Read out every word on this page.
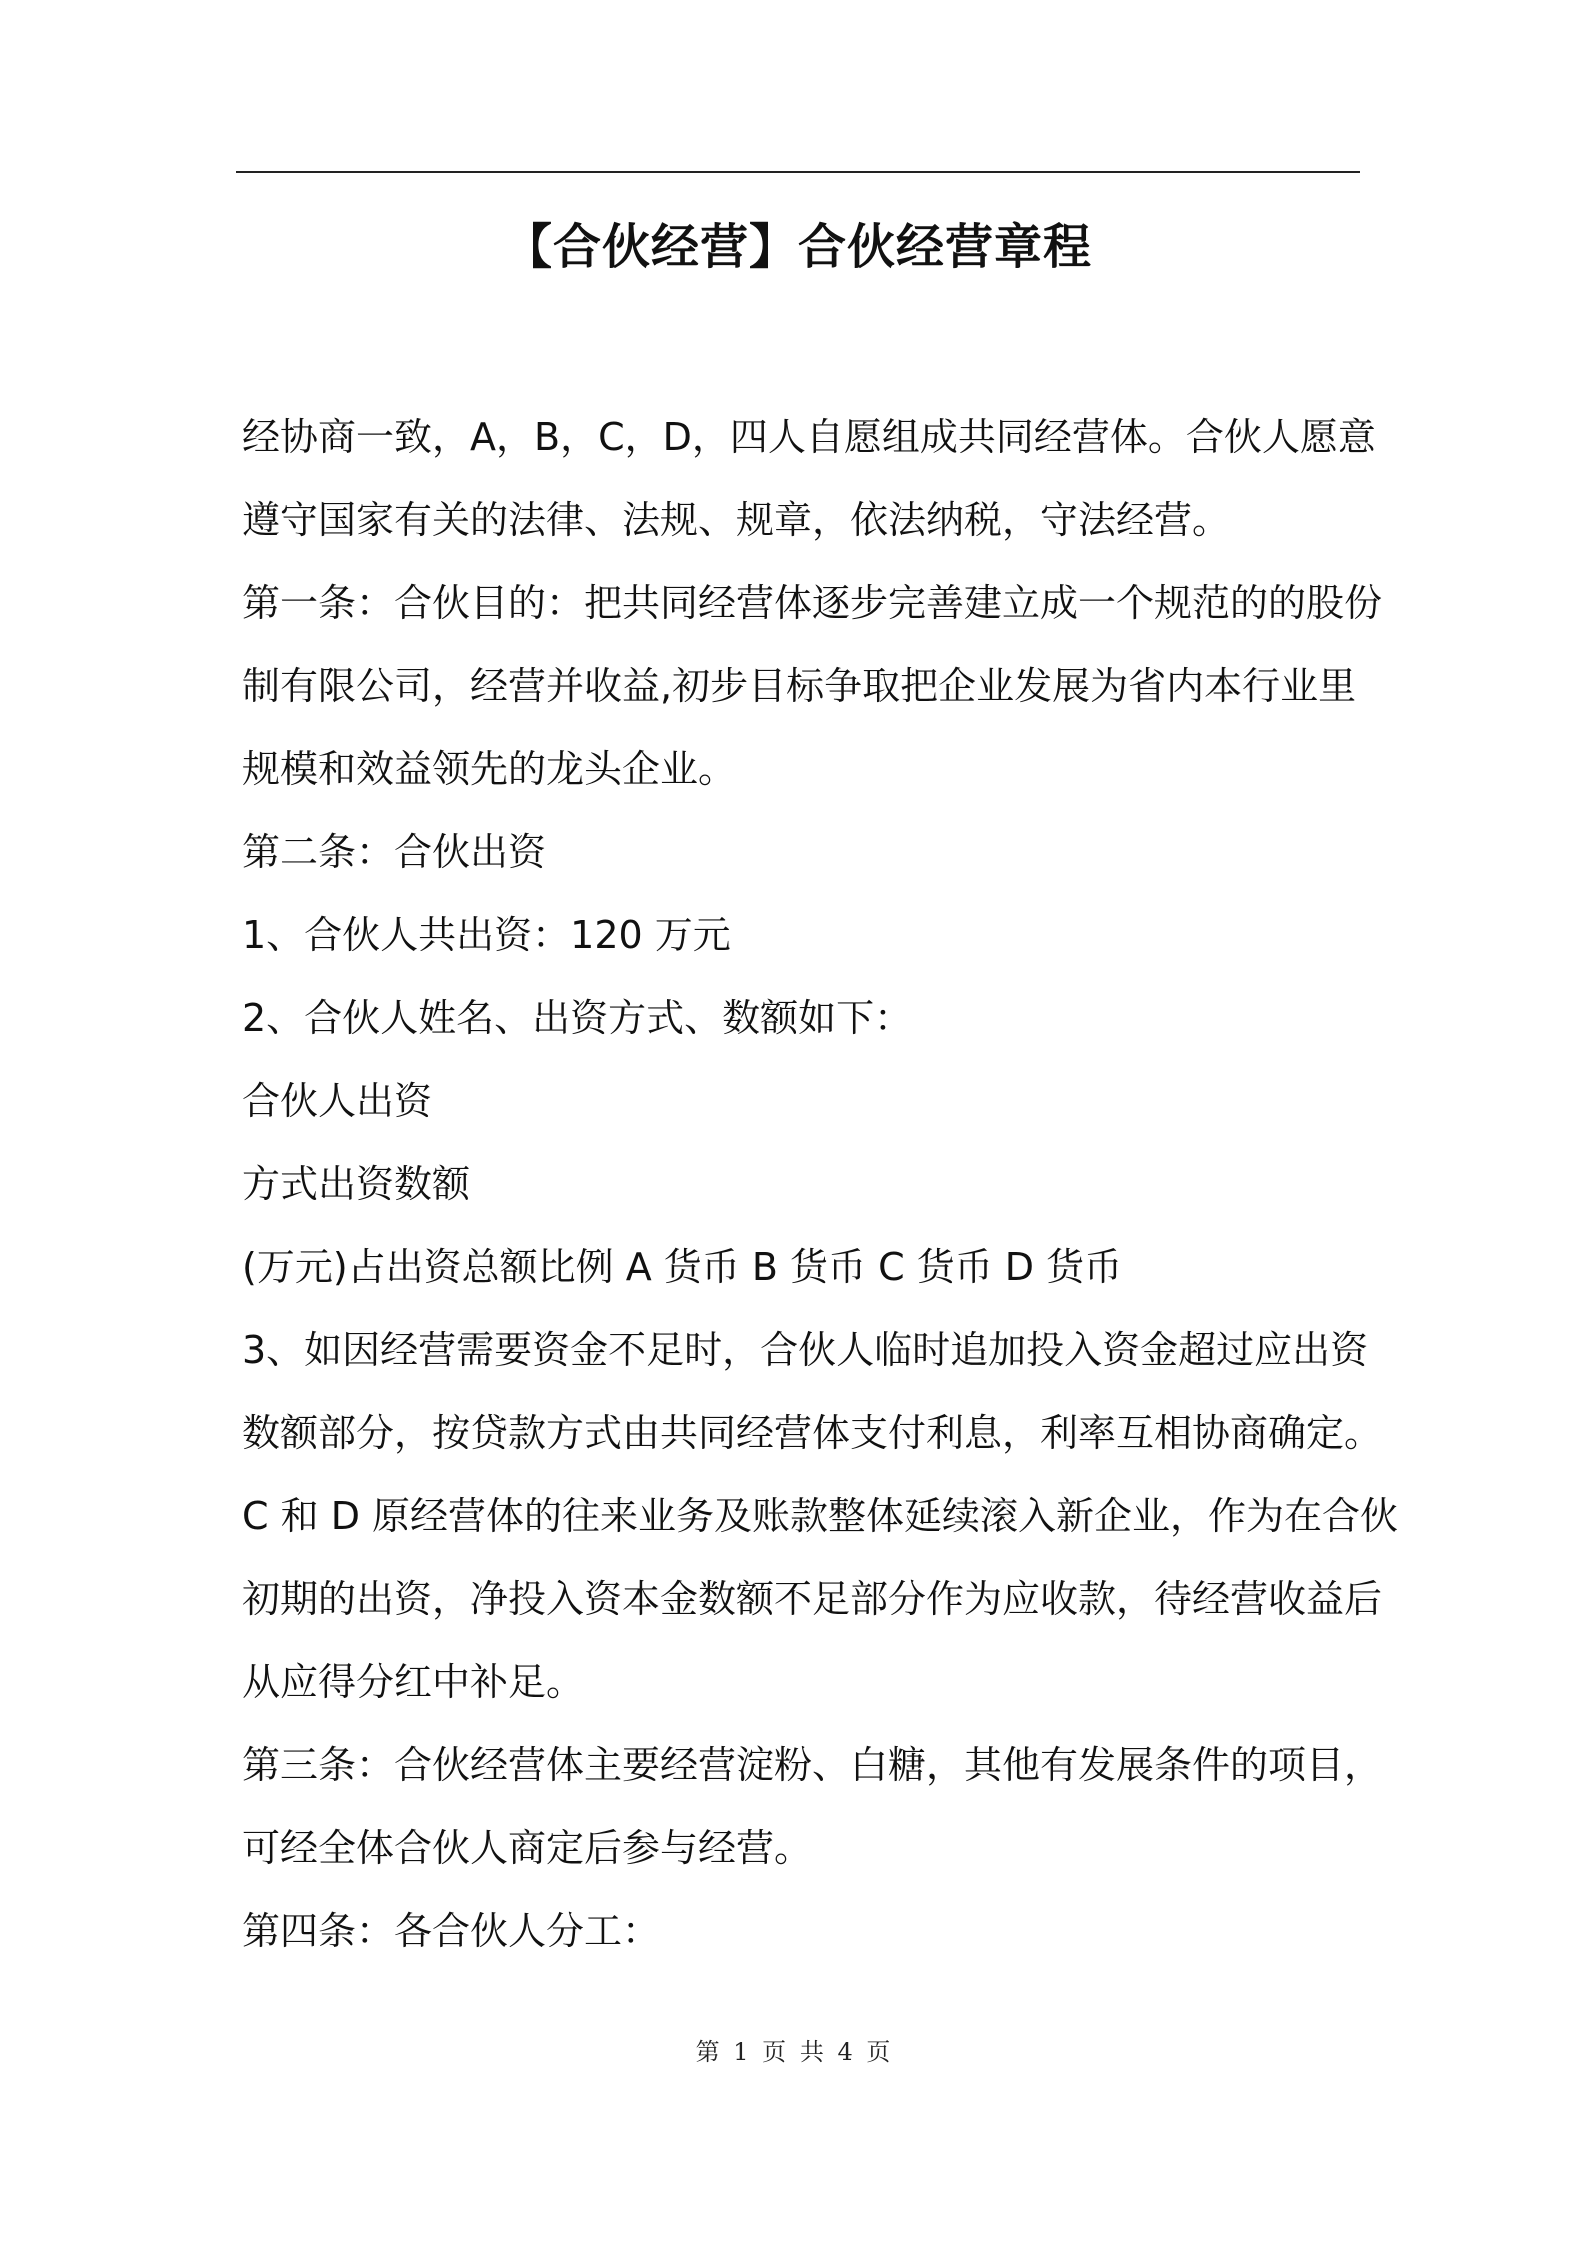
【合伙经营】合伙经营章程
经协商一致，A，B，C，D，四人自愿组成共同经营体。合伙人愿意
遵守国家有关的法律、法规、规章，依法纳税，守法经营。
第一条：合伙目的：把共同经营体逐步完善建立成一个规范的的股份
制有限公司，经营并收益,初步目标争取把企业发展为省内本行业里
规模和效益领先的龙头企业。
第二条：合伙出资
1、合伙人共出资：120 万元
2、合伙人姓名、出资方式、数额如下：
合伙人出资
方式出资数额
(万元)占出资总额比例 A 货币 B 货币 C 货币 D 货币
3、如因经营需要资金不足时，合伙人临时追加投入资金超过应出资
数额部分，按贷款方式由共同经营体支付利息，利率互相协商确定。
C 和 D 原经营体的往来业务及账款整体延续滚入新企业，作为在合伙
初期的出资，净投入资本金数额不足部分作为应收款，待经营收益后
从应得分红中补足。
第三条：合伙经营体主要经营淀粉、白糖，其他有发展条件的项目，
可经全体合伙人商定后参与经营。
第四条：各合伙人分工：
第 1 页 共 4 页
